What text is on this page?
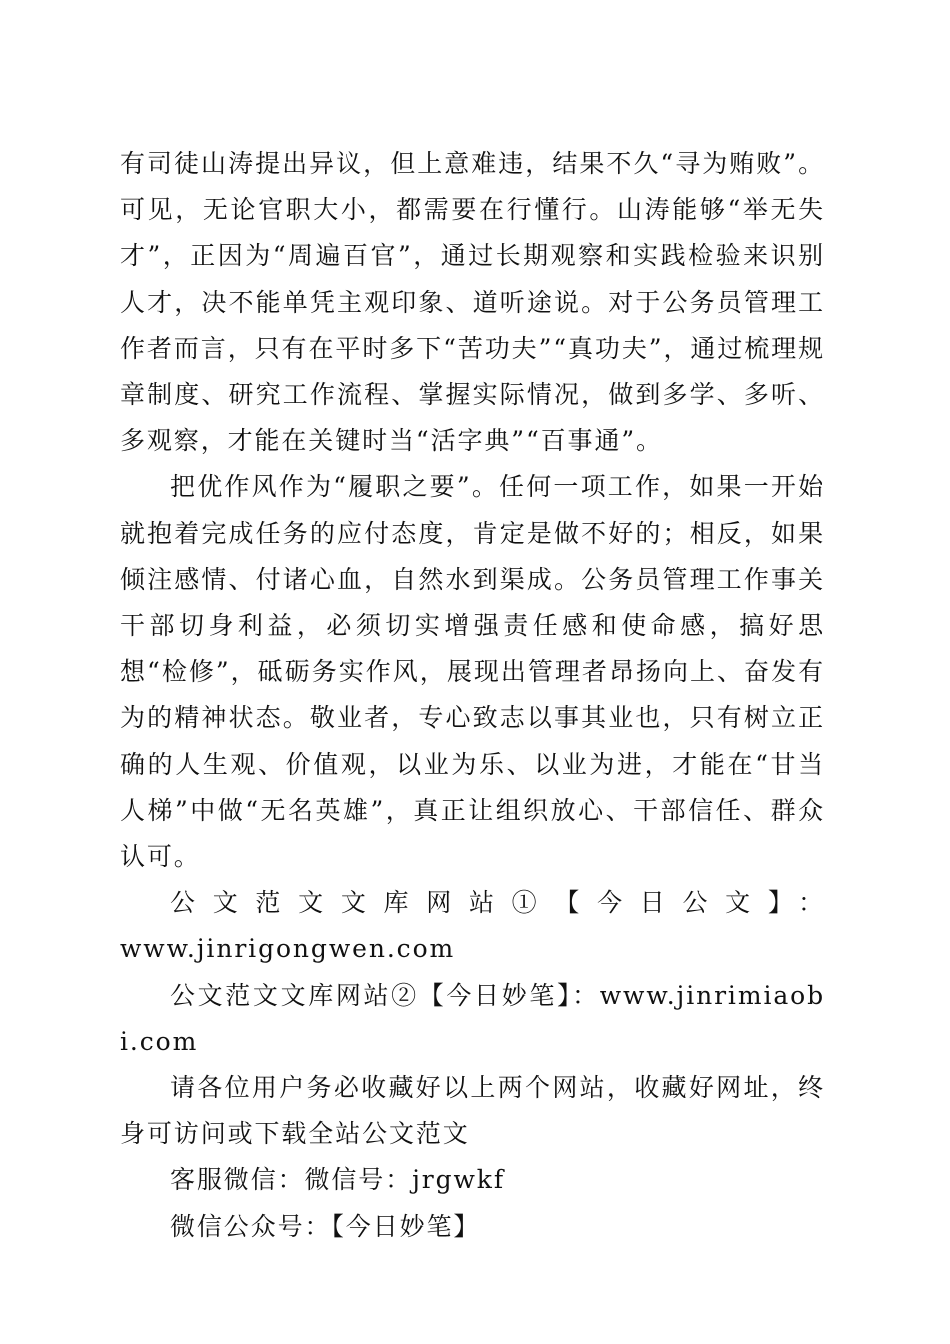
有司徒山涛提出异议，但上意难违，结果不久“寻为贿败”。可见，无论官职大小，都需要在行懂行。山涛能够“举无失才”，正因为“周遍百官”，通过长期观察和实践检验来识别人才，决不能单凭主观印象、道听途说。对于公务员管理工作者而言，只有在平时多下“苦功夫”“真功夫”，通过梳理规章制度、研究工作流程、掌握实际情况，做到多学、多听、多观察，才能在关键时当“活字典”“百事通”。

把优作风作为“履职之要”。任何一项工作，如果一开始就抱着完成任务的应付态度，肯定是做不好的；相反，如果倾注感情、付诸心血，自然水到渠成。公务员管理工作事关干部切身利益，必须切实增强责任感和使命感，搞好思想“检修”，砥砺务实作风，展现出管理者昂扬向上、奋发有为的精神状态。敬业者，专心致志以事其业也，只有树立正确的人生观、价值观，以业为乐、以业为进，才能在“甘当人梯”中做“无名英雄”，真正让组织放心、干部信任、群众认可。

公文范文文库网站①【今日公文】：

www.jinrigongwen.com

公文范文文库网站②【今日妙笔】：www.jinrimiaobi.com

请各位用户务必收藏好以上两个网站，收藏好网址，终身可访问或下载全站公文范文

客服微信：微信号：jrgwkf

微信公众号：【今日妙笔】
